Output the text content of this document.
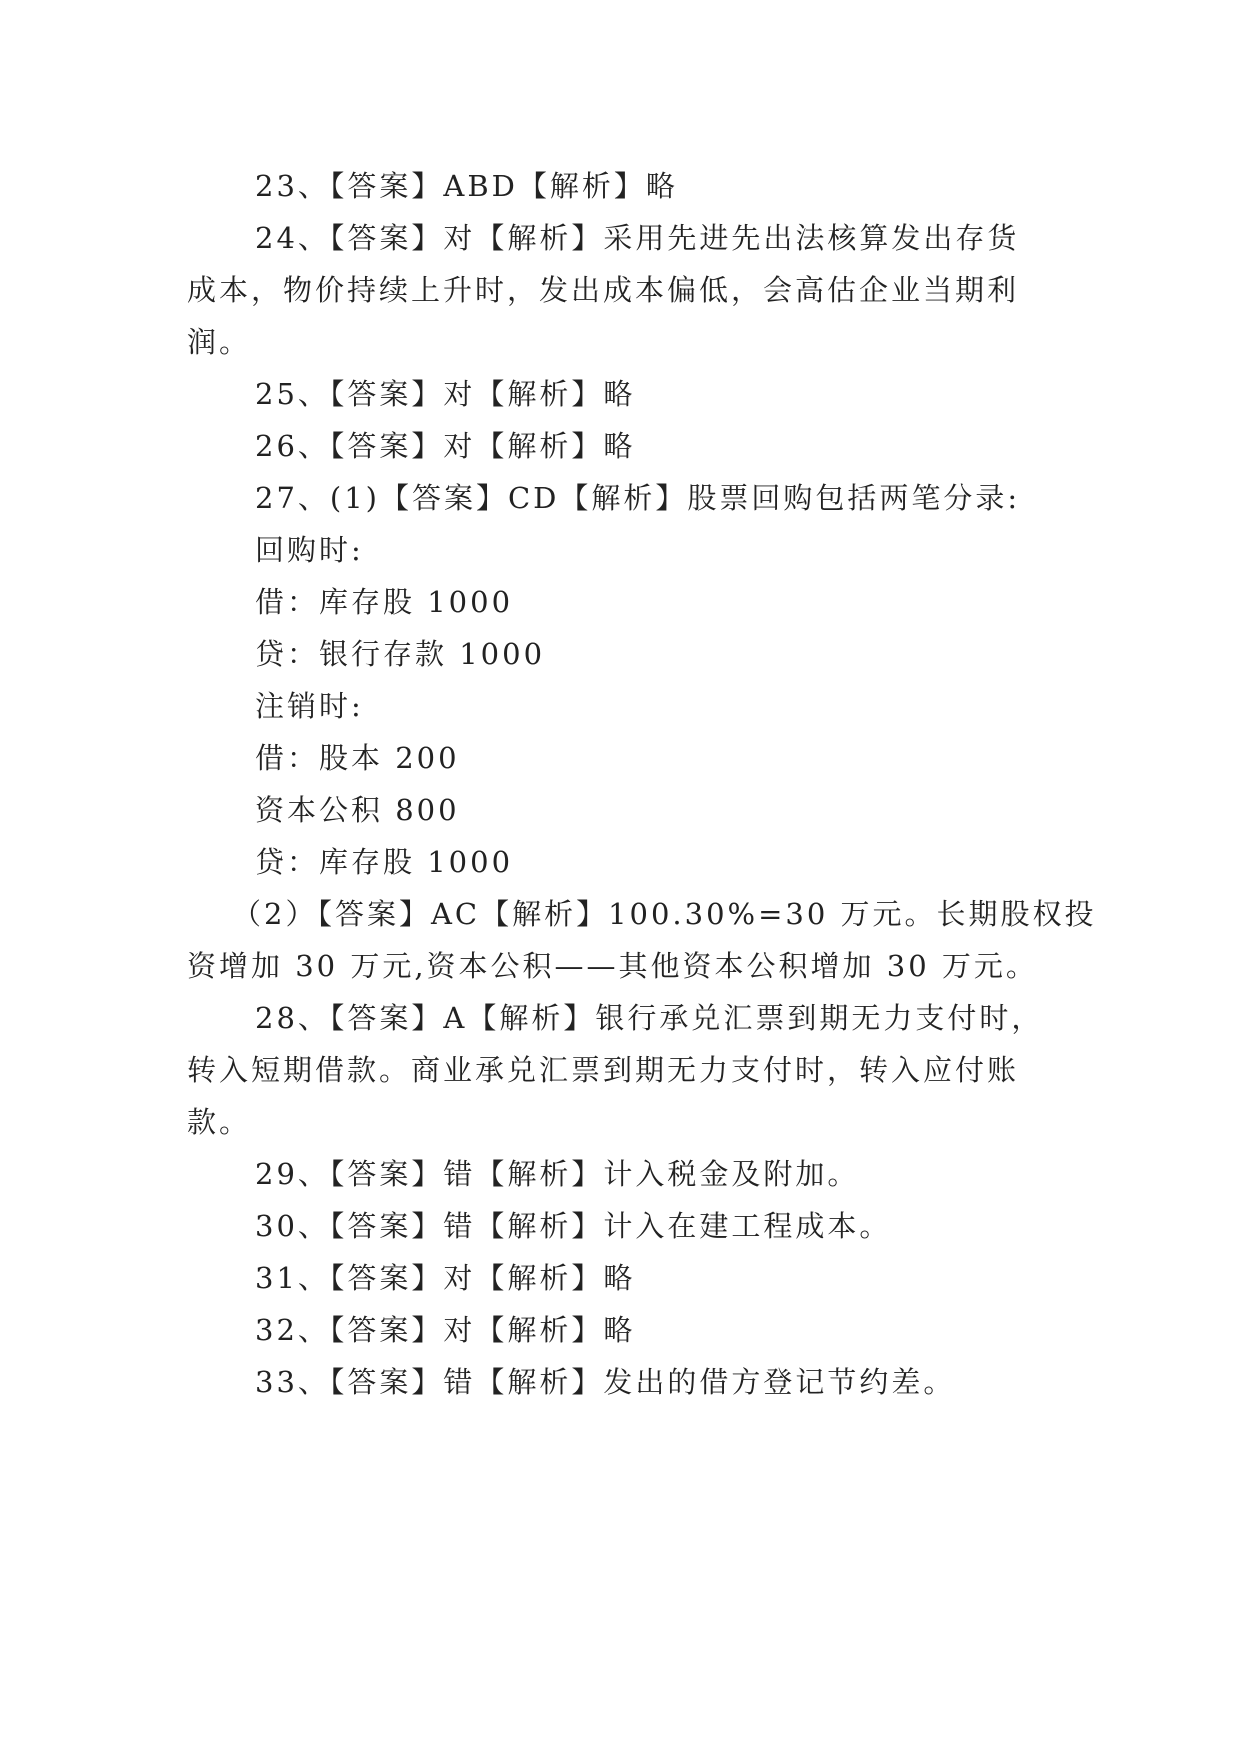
23、【答案】ABD【解析】略
24、【答案】对【解析】采用先进先出法核算发出存货
成本，物价持续上升时，发出成本偏低，会高估企业当期利
润。
25、【答案】对【解析】略
26、【答案】对【解析】略
27、(1)【答案】CD【解析】股票回购包括两笔分录:
回购时:
借：库存股 1000
贷：银行存款 1000
注销时:
借：股本 200
资本公积 800
贷：库存股 1000
（2）【答案】AC【解析】100.30%=30 万元。长期股权投
资增加 30 万元,资本公积——其他资本公积增加 30 万元。
28、【答案】A【解析】银行承兑汇票到期无力支付时，
转入短期借款。商业承兑汇票到期无力支付时，转入应付账
款。
29、【答案】错【解析】计入税金及附加。
30、【答案】错【解析】计入在建工程成本。
31、【答案】对【解析】略
32、【答案】对【解析】略
33、【答案】错【解析】发出的借方登记节约差。
